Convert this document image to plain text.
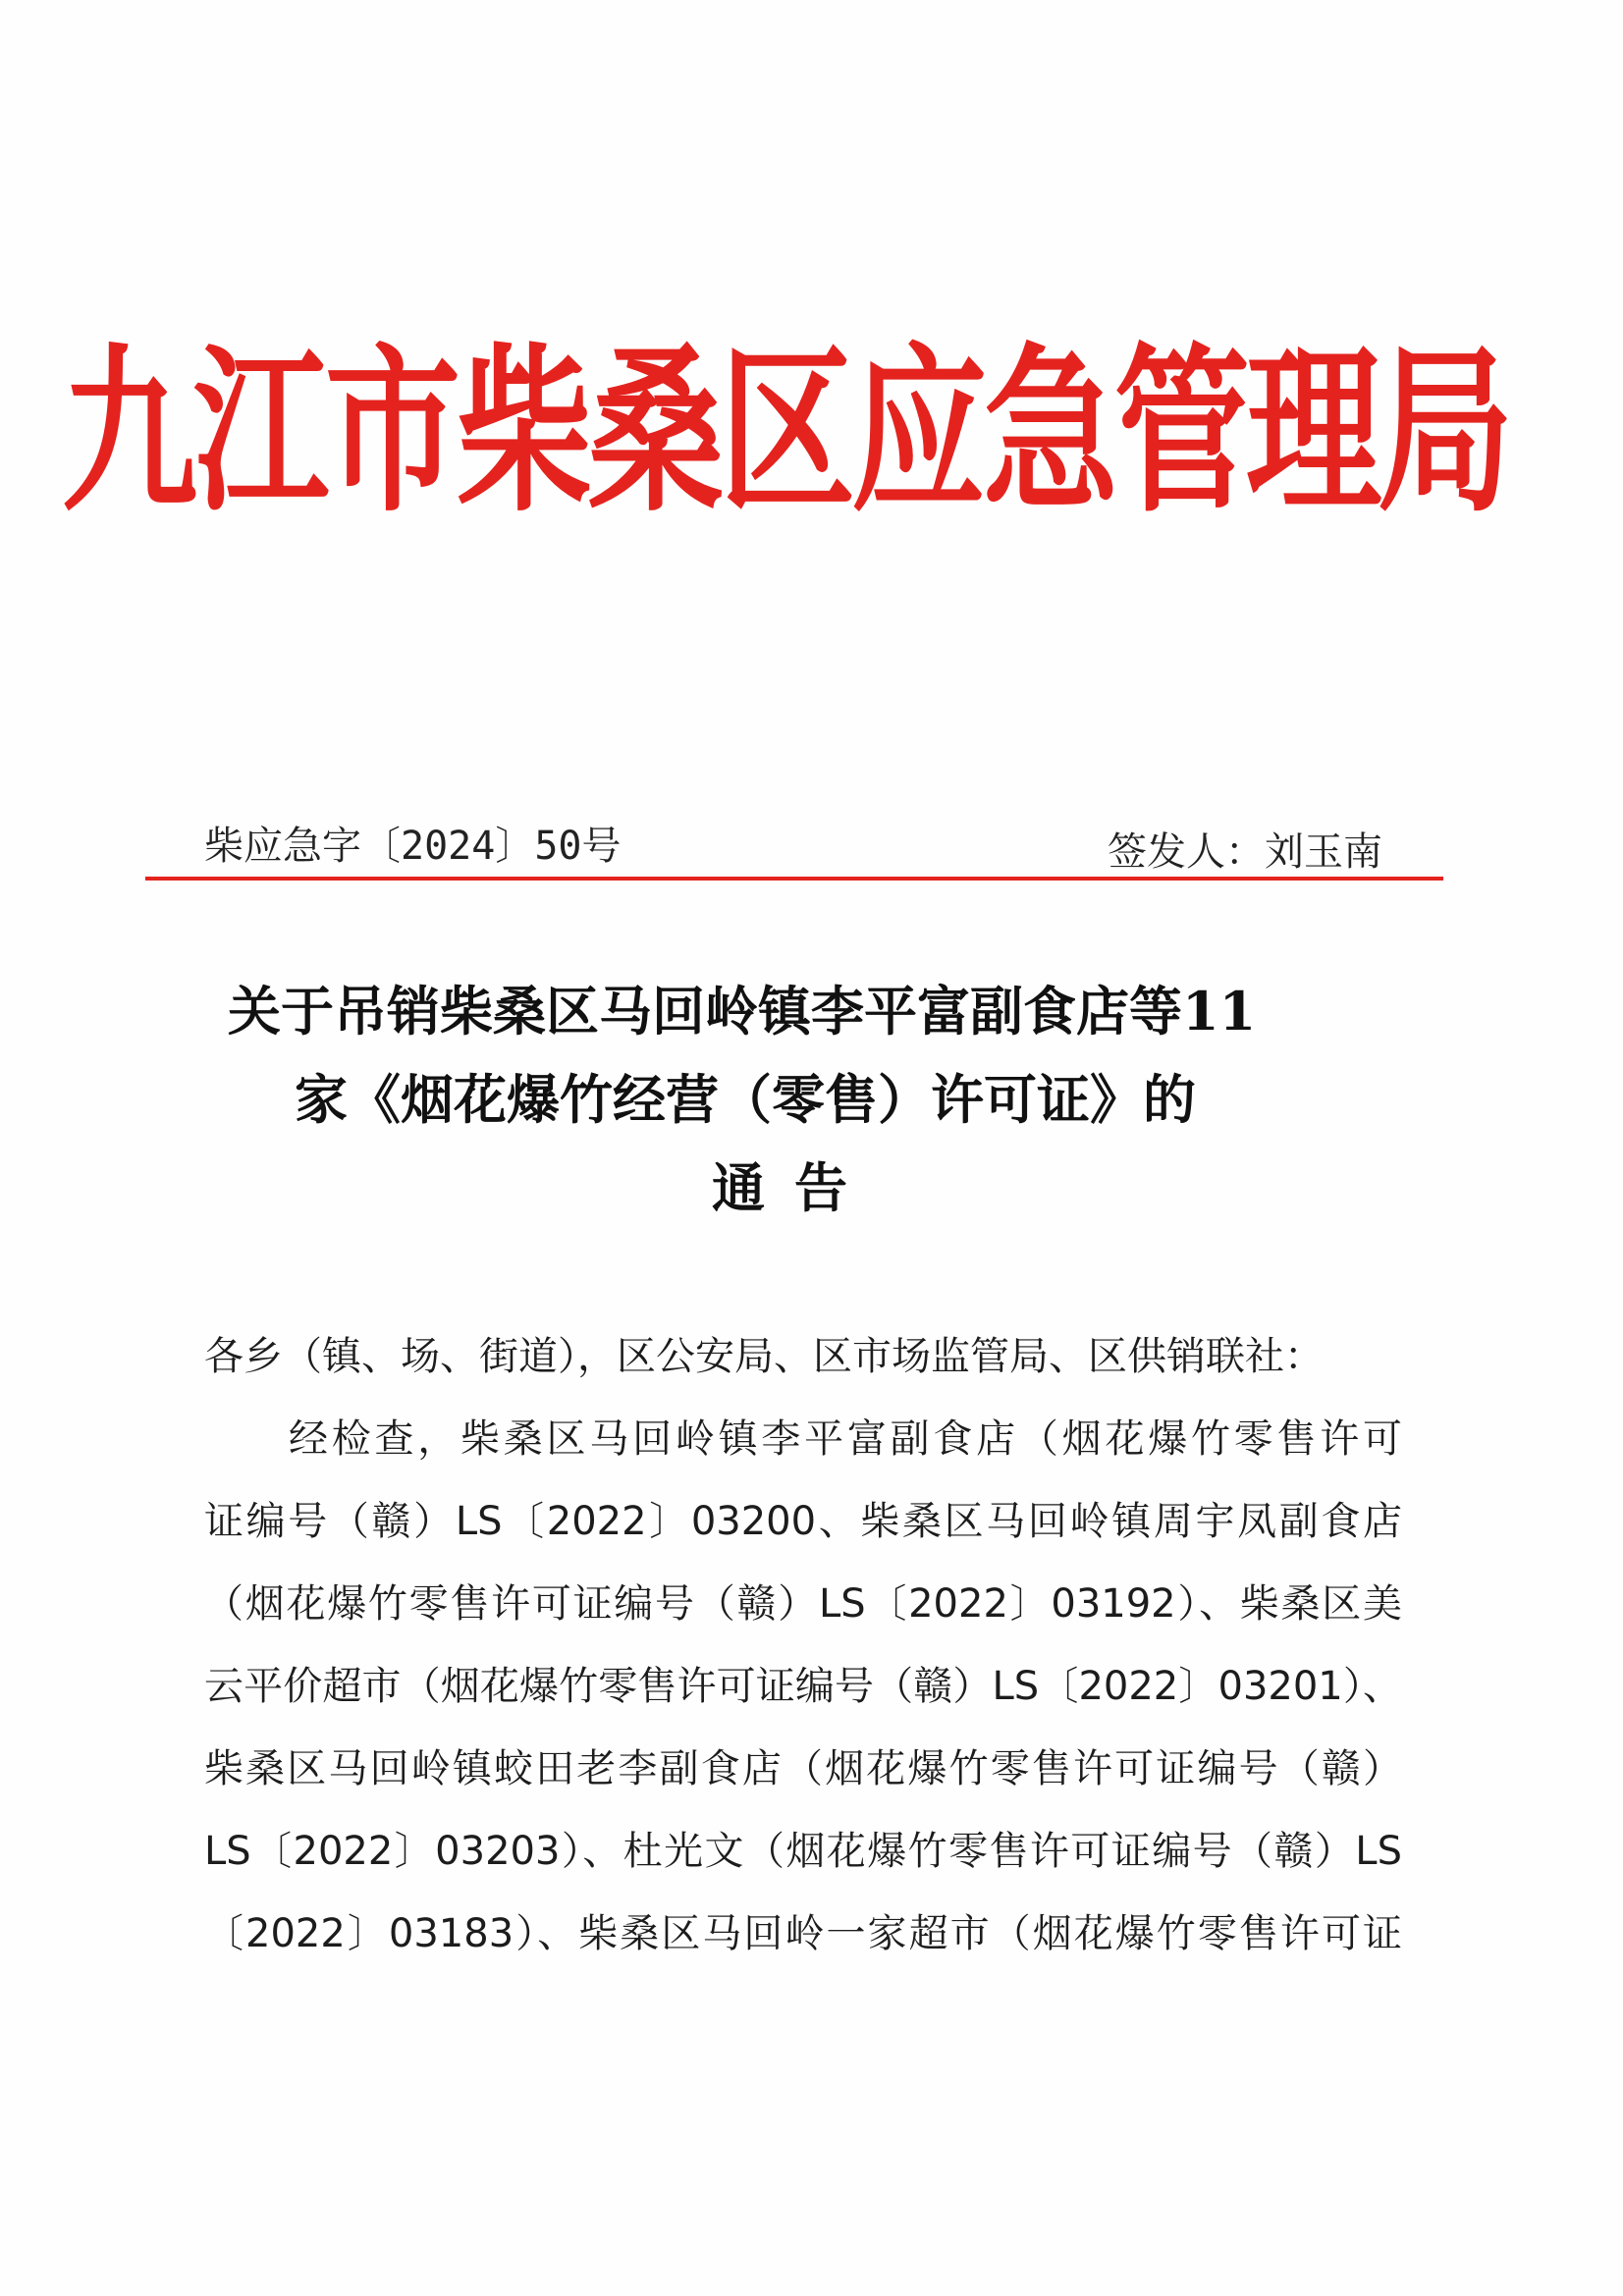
九江市柴桑区应急管理局
柴应急字〔2024〕50号	签发人：刘玉南
关于吊销柴桑区马回岭镇李平富副食店等11
家《烟花爆竹经营（零售）许可证》的
通告
各乡（镇、场、街道），区公安局、区市场监管局、区供销联社：
经检查，柴桑区马回岭镇李平富副食店（烟花爆竹零售许可
证编号（赣）LS〔2022〕03200、柴桑区马回岭镇周宇凤副食店
（烟花爆竹零售许可证编号（赣）LS〔2022〕03192）、柴桑区美
云平价超市（烟花爆竹零售许可证编号（赣）LS〔2022〕03201）、
柴桑区马回岭镇蛟田老李副食店（烟花爆竹零售许可证编号（赣）
LS〔2022〕03203）、杜光文（烟花爆竹零售许可证编号（赣）LS
〔2022〕03183）、柴桑区马回岭一家超市（烟花爆竹零售许可证
